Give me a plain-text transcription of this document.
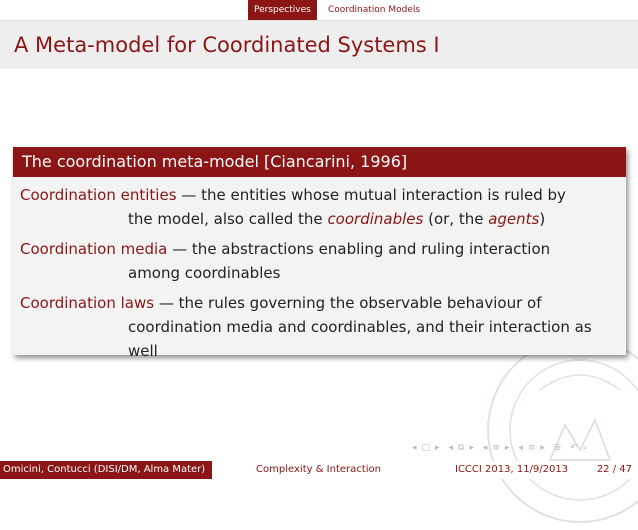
Perspectives	Coordination Models
A Meta-model for Coordinated Systems I
The coordination meta-model [Ciancarini, 1996]
Coordination entities — the entities whose mutual interaction is ruled by
the model, also called the coordinables (or, the agents)
Coordination media — the abstractions enabling and ruling interaction
among coordinables
Coordination laws — the rules governing the observable behaviour of
coordination media and coordinables, and their interaction as
well
◂ □ ▸ ◂ ⧉ ▸ ◂ ≡ ▸ ◂ ≡ ▸ ≣ ↶ ⌕
Omicini, Contucci (DISI/DM, Alma Mater)	Complexity & Interaction	ICCCI 2013, 11/9/2013	22 / 47
